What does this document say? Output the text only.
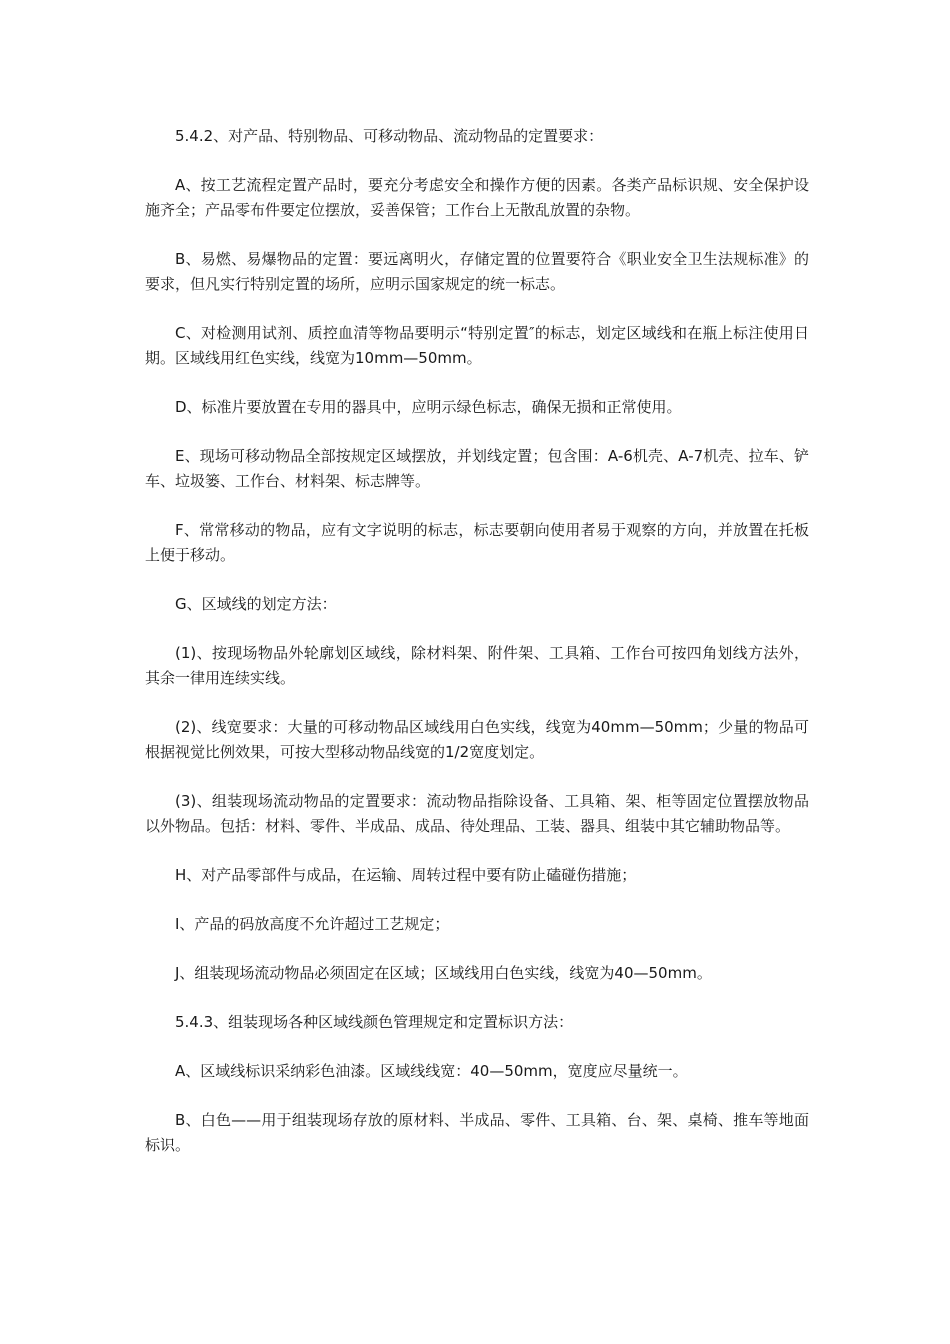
5.4.2、对产品、特别物品、可移动物品、流动物品的定置要求：

A、按工艺流程定置产品时，要充分考虑安全和操作方便的因素。各类产品标识规、安全保护设施齐全；产品零布件要定位摆放，妥善保管；工作台上无散乱放置的杂物。

B、易燃、易爆物品的定置：要远离明火，存储定置的位置要符合《职业安全卫生法规标准》的要求，但凡实行特别定置的场所，应明示国家规定的统一标志。

C、对检测用试剂、质控血清等物品要明示“特别定置″的标志，划定区域线和在瓶上标注使用日期。区域线用红色实线，线宽为10mm—50mm。

D、标准片要放置在专用的器具中，应明示绿色标志，确保无损和正常使用。

E、现场可移动物品全部按规定区域摆放，并划线定置；包含围：A-6机壳、A-7机壳、拉车、铲车、垃圾篓、工作台、材料架、标志牌等。

F、常常移动的物品，应有文字说明的标志，标志要朝向使用者易于观察的方向，并放置在托板上便于移动。

G、区域线的划定方法：

(1)、按现场物品外轮廓划区域线，除材料架、附件架、工具箱、工作台可按四角划线方法外，其余一律用连续实线。

(2)、线宽要求：大量的可移动物品区域线用白色实线，线宽为40mm—50mm；少量的物品可根据视觉比例效果，可按大型移动物品线宽的1/2宽度划定。

(3)、组装现场流动物品的定置要求：流动物品指除设备、工具箱、架、柜等固定位置摆放物品以外物品。包括：材料、零件、半成品、成品、待处理品、工装、器具、组装中其它辅助物品等。

H、对产品零部件与成品，在运输、周转过程中要有防止磕碰伤措施；

I、产品的码放高度不允许超过工艺规定；

J、组装现场流动物品必须固定在区域；区域线用白色实线，线宽为40—50mm。

5.4.3、组装现场各种区域线颜色管理规定和定置标识方法：

A、区域线标识采纳彩色油漆。区域线线宽：40—50mm，宽度应尽量统一。

B、白色——用于组装现场存放的原材料、半成品、零件、工具箱、台、架、桌椅、推车等地面标识。
